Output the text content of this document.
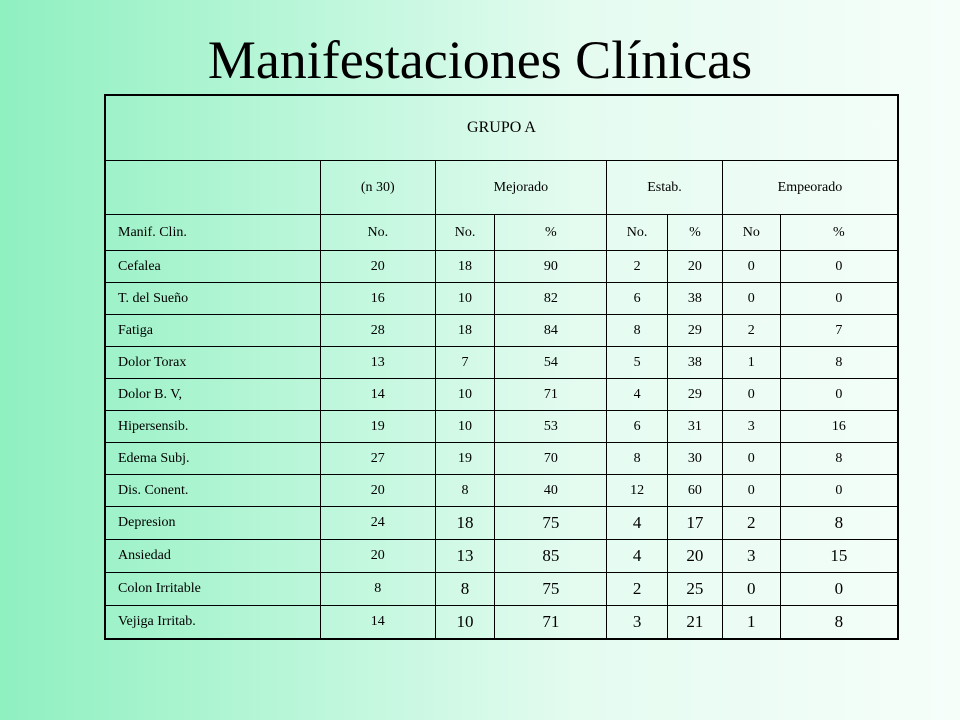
Manifestaciones Clínicas
GRUPO A							
	(n 30)	Mejorado		Estab.		Empeorado	
Manif. Clin.	No.	No.	%	No.	%	No	%
Cefalea	20	18	90	2	20	0	0
T. del Sueño	16	10	82	6	38	0	0
Fatiga	28	18	84	8	29	2	7
Dolor Torax	13	7	54	5	38	1	8
Dolor B. V,	14	10	71	4	29	0	0
Hipersensib.	19	10	53	6	31	3	16
Edema Subj.	27	19	70	8	30	0	8
Dis. Conent.	20	8	40	12	60	0	0
Depresion	24	18	75	4	17	2	8
Ansiedad	20	13	85	4	20	3	15
Colon Irritable	8	8	75	2	25	0	0
Vejiga Irritab.	14	10	71	3	21	1	8
